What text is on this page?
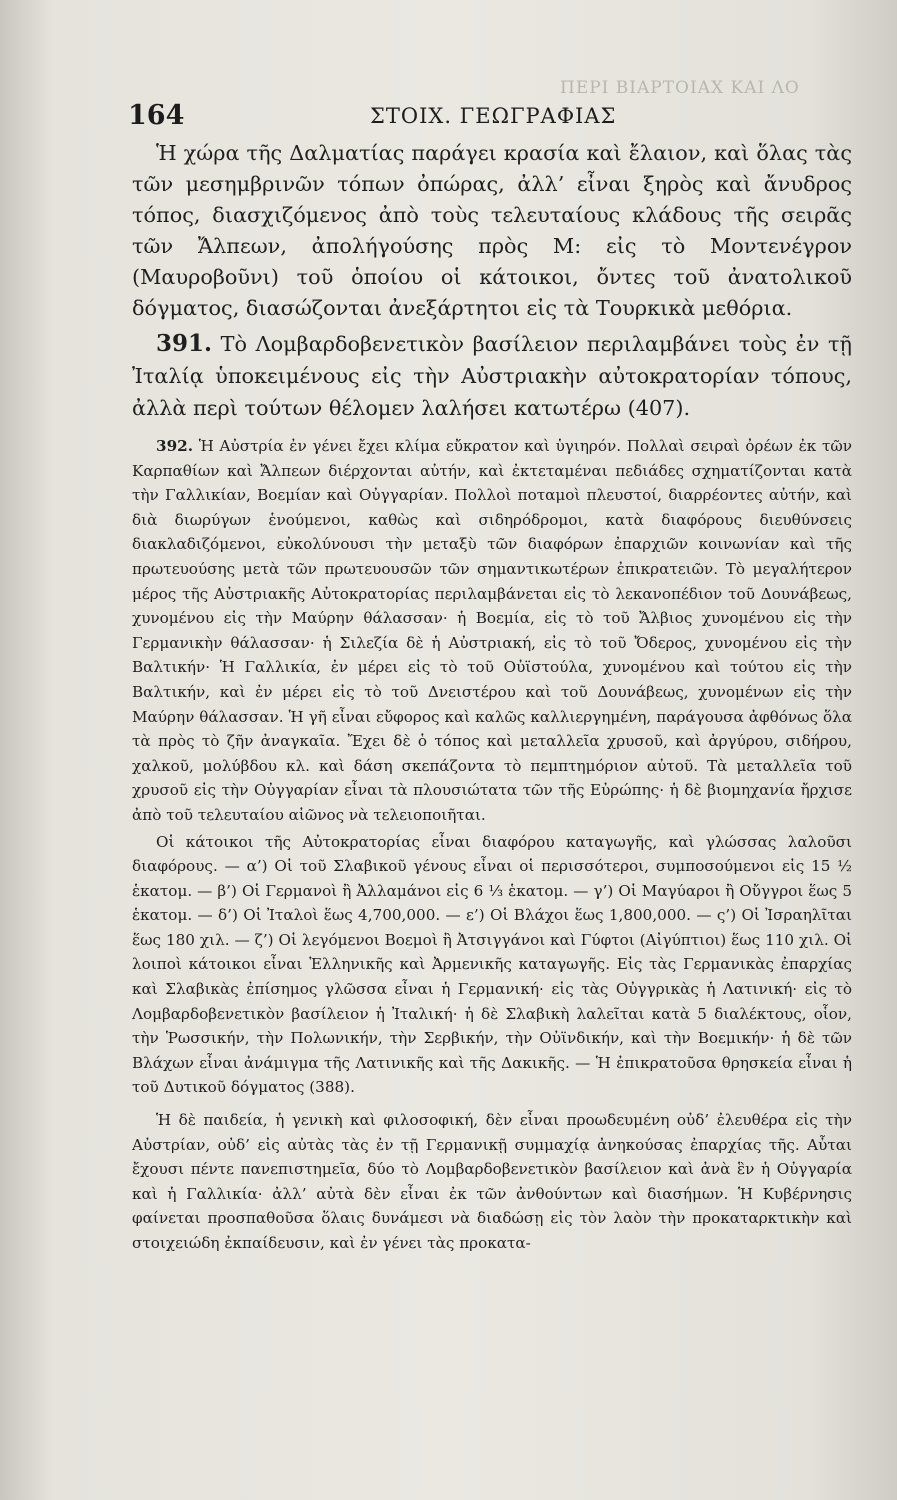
ΠΕΡΙ ΒΙΑΡΤΟΙΑΧ ΚΑΙ ΛΟ
164	ΣΤΟΙΧ. ΓΕΩΓΡΑΦΙΑΣ

Ἡ χώρα τῆς Δαλματίας παράγει κρασία καὶ ἔλαιον, καὶ ὅλας τὰς τῶν μεσημβρινῶν τόπων ὀπώρας, ἀλλ’ εἶναι ξηρὸς καὶ ἄνυδρος τόπος, διασχιζόμενος ἀπὸ τοὺς τελευταίους κλάδους τῆς σειρᾶς τῶν Ἄλπεων, ἀπολήγούσης πρὸς Μ: εἰς τὸ Μοντενέγρον (Μαυροβοῦνι) τοῦ ὁποίου οἱ κάτοικοι, ὄντες τοῦ ἀνατολικοῦ δόγματος, διασώζονται ἀνεξάρτητοι εἰς τὰ Τουρκικὰ μεθόρια.

391. Τὸ Λομβαρδοβενετικὸν βασίλειον περιλαμβάνει τοὺς ἐν τῇ Ἰταλίᾳ ὑποκειμένους εἰς τὴν Αὐστριακὴν αὐτοκρατορίαν τόπους, ἀλλὰ περὶ τούτων θέλομεν λαλήσει κατωτέρω (407).

392. Ἡ Αὐστρία ἐν γένει ἔχει κλίμα εὔκρατον καὶ ὑγιηρόν. Πολλαὶ σειραὶ ὀρέων ἐκ τῶν Καρπαθίων καὶ Ἄλπεων διέρχονται αὐτήν, καὶ ἐκτεταμέναι πεδιάδες σχηματίζονται κατὰ τὴν Γαλλικίαν, Βοεμίαν καὶ Οὐγγαρίαν. Πολλοὶ ποταμοὶ πλευστοί, διαρρέοντες αὐτήν, καὶ διὰ διωρύγων ἑνούμενοι, καθὼς καὶ σιδηρόδρομοι, κατὰ διαφόρους διευθύνσεις διακλαδιζόμενοι, εὐκολύνουσι τὴν μεταξὺ τῶν διαφόρων ἐπαρχιῶν κοινωνίαν καὶ τῆς πρωτευούσης μετὰ τῶν πρωτευουσῶν τῶν σημαντικωτέρων ἐπικρατειῶν. Τὸ μεγαλήτερον μέρος τῆς Αὐστριακῆς Αὐτοκρατορίας περιλαμβάνεται εἰς τὸ λεκανοπέδιον τοῦ Δουνάβεως, χυνομένου εἰς τὴν Μαύρην θάλασσαν· ἡ Βοεμία, εἰς τὸ τοῦ Ἄλβιος χυνομένου εἰς τὴν Γερμανικὴν θάλασσαν· ἡ Σιλεζία δὲ ἡ Αὐστριακή, εἰς τὸ τοῦ Ὄδερος, χυνομένου εἰς τὴν Βαλτικήν· Ἡ Γαλλικία, ἐν μέρει εἰς τὸ τοῦ Οὐϊστούλα, χυνομένου καὶ τούτου εἰς τὴν Βαλτικήν, καὶ ἐν μέρει εἰς τὸ τοῦ Δνειστέρου καὶ τοῦ Δουνάβεως, χυνομένων εἰς τὴν Μαύρην θάλασσαν. Ἡ γῆ εἶναι εὔφορος καὶ καλῶς καλλιεργημένη, παράγουσα ἀφθόνως ὅλα τὰ πρὸς τὸ ζῆν ἀναγκαῖα. Ἔχει δὲ ὁ τόπος καὶ μεταλλεῖα χρυσοῦ, καὶ ἀργύρου, σιδήρου, χαλκοῦ, μολύβδου κλ. καὶ δάση σκεπάζοντα τὸ πεμπτημόριον αὐτοῦ. Τὰ μεταλλεῖα τοῦ χρυσοῦ εἰς τὴν Οὐγγαρίαν εἶναι τὰ πλουσιώτατα τῶν τῆς Εὐρώπης· ἡ δὲ βιομηχανία ἤρχισε ἀπὸ τοῦ τελευταίου αἰῶνος νὰ τελειοποιῆται.

Οἱ κάτοικοι τῆς Αὐτοκρατορίας εἶναι διαφόρου καταγωγῆς, καὶ γλώσσας λαλοῦσι διαφόρους. — α’) Οἱ τοῦ Σλαβικοῦ γένους εἶναι οἱ περισσότεροι, συμποσούμενοι εἰς 15 ½ ἑκατομ. — β’) Οἱ Γερμανοὶ ἢ Ἀλλαμάνοι εἰς 6 ⅓ ἑκατομ. — γ’) Οἱ Μαγύαροι ἢ Οὔγγροι ἕως 5 ἑκατομ. — δ’) Οἱ Ἰταλοὶ ἕως 4,700,000. — ε’) Οἱ Βλάχοι ἕως 1,800,000. — ς’) Οἱ Ἰσραηλῖται ἕως 180 χιλ. — ζ’) Οἱ λεγόμενοι Βοεμοὶ ἢ Ἀτσιγγάνοι καὶ Γύφτοι (Αἰγύπτιοι) ἕως 110 χιλ. Οἱ λοιποὶ κάτοικοι εἶναι Ἑλληνικῆς καὶ Ἀρμενικῆς καταγωγῆς. Εἰς τὰς Γερμανικὰς ἐπαρχίας καὶ Σλαβικὰς ἐπίσημος γλῶσσα εἶναι ἡ Γερμανική· εἰς τὰς Οὐγγρικὰς ἡ Λατινική· εἰς τὸ Λομβαρδοβενετικὸν βασίλειον ἡ Ἰταλική· ἡ δὲ Σλαβικὴ λαλεῖται κατὰ 5 διαλέκτους, οἷον, τὴν Ῥωσσικήν, τὴν Πολωνικήν, τὴν Σερβικήν, τὴν Οὐϊνδικήν, καὶ τὴν Βοεμικήν· ἡ δὲ τῶν Βλάχων εἶναι ἀνάμιγμα τῆς Λατινικῆς καὶ τῆς Δακικῆς. — Ἡ ἐπικρατοῦσα θρησκεία εἶναι ἡ τοῦ Δυτικοῦ δόγματος (388).

Ἡ δὲ παιδεία, ἡ γενικὴ καὶ φιλοσοφική, δὲν εἶναι προωδευμένη οὐδ’ ἐλευθέρα εἰς τὴν Αὐστρίαν, οὐδ’ εἰς αὐτὰς τὰς ἐν τῇ Γερμανικῇ συμμαχίᾳ ἀνηκούσας ἐπαρχίας τῆς. Αὗται ἔχουσι πέντε πανεπιστημεῖα, δύο τὸ Λομβαρδοβενετικὸν βασίλειον καὶ ἀνὰ ἓν ἡ Οὐγγαρία καὶ ἡ Γαλλικία· ἀλλ’ αὐτὰ δὲν εἶναι ἐκ τῶν ἀνθούντων καὶ διασήμων. Ἡ Κυβέρνησις φαίνεται προσπαθοῦσα ὅλαις δυνάμεσι νὰ διαδώσῃ εἰς τὸν λαὸν τὴν προκαταρκτικὴν καὶ στοιχειώδη ἐκπαίδευσιν, καὶ ἐν γένει τὰς προκατα-
